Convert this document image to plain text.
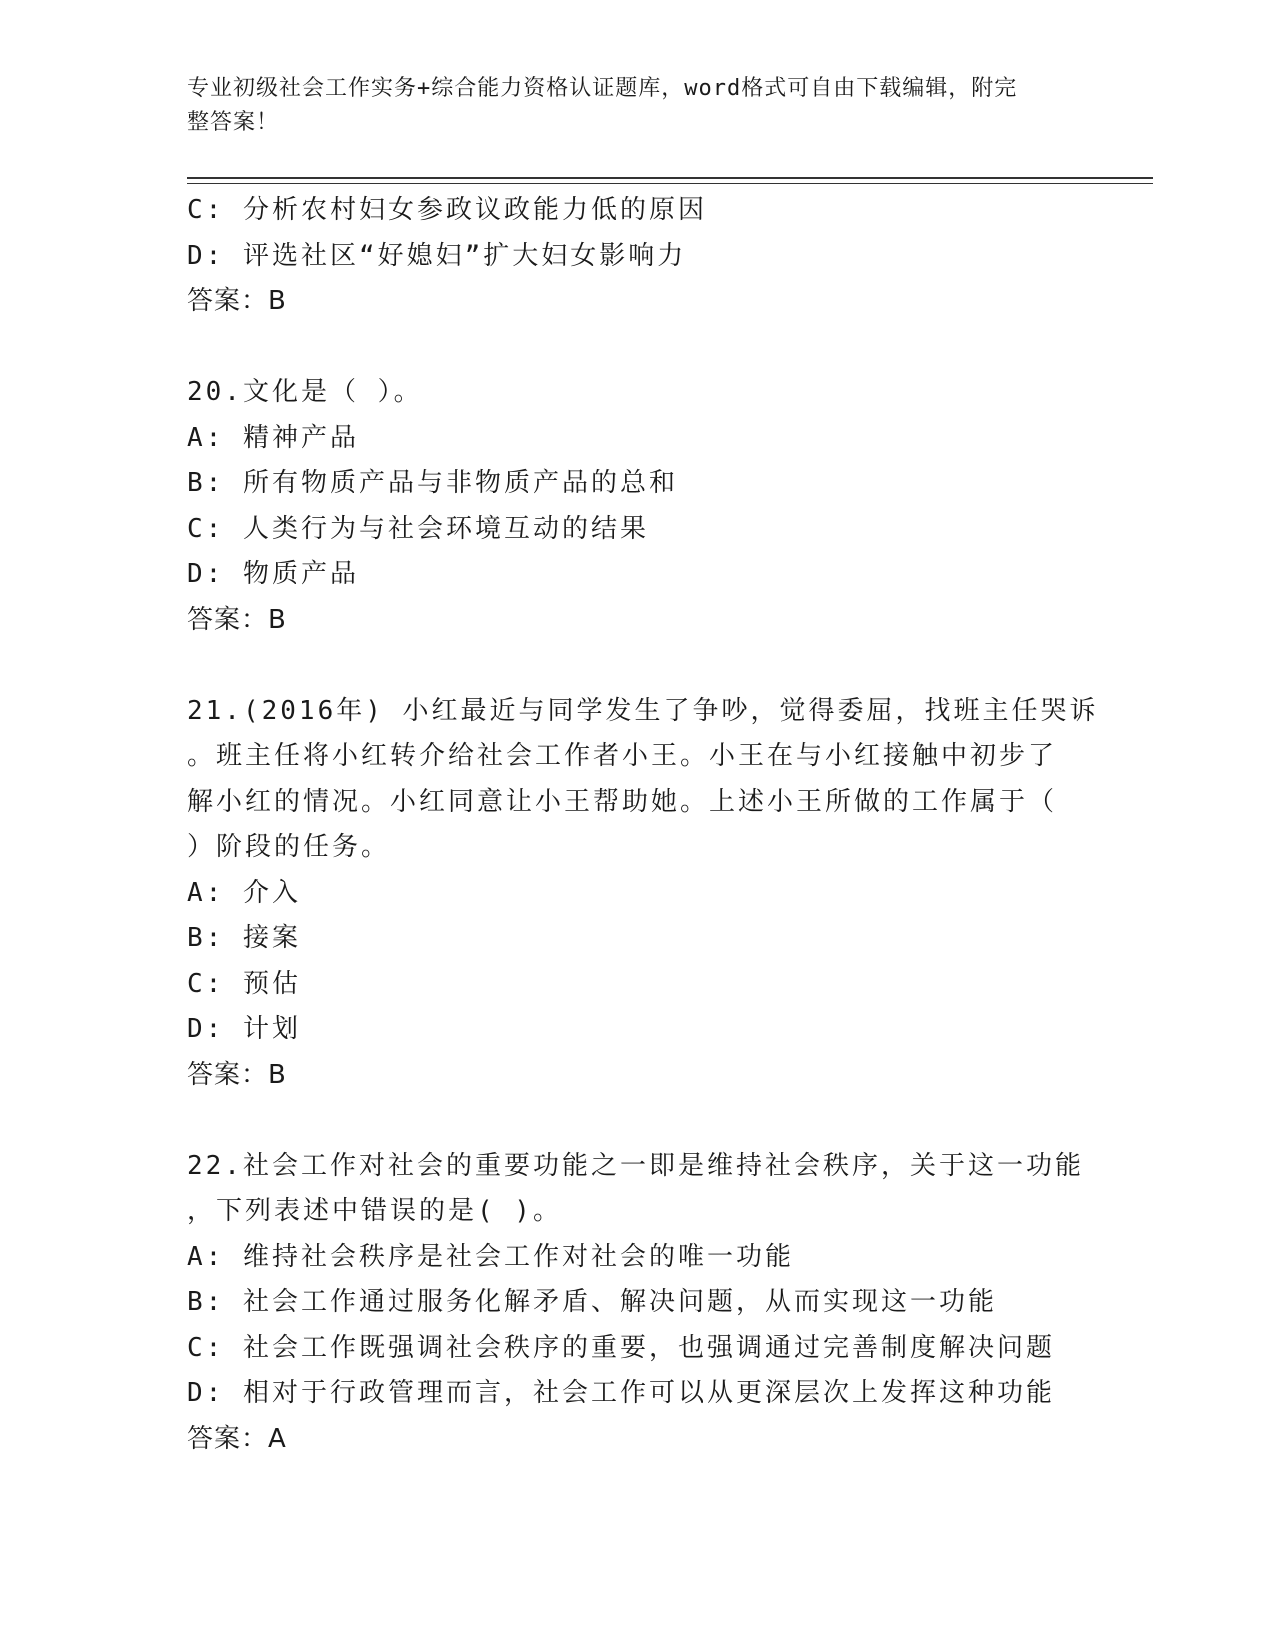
专业初级社会工作实务+综合能力资格认证题库，word格式可自由下载编辑，附完
整答案！
C: 分析农村妇女参政议政能力低的原因
D: 评选社区“好媳妇”扩大妇女影响力
答案：B
20.文化是（ ）。
A: 精神产品
B: 所有物质产品与非物质产品的总和
C: 人类行为与社会环境互动的结果
D: 物质产品
答案：B
21.(2016年) 小红最近与同学发生了争吵，觉得委屈，找班主任哭诉
。班主任将小红转介给社会工作者小王。小王在与小红接触中初步了
解小红的情况。小红同意让小王帮助她。上述小王所做的工作属于（
）阶段的任务。
A: 介入
B: 接案
C: 预估
D: 计划
答案：B
22.社会工作对社会的重要功能之一即是维持社会秩序，关于这一功能
，下列表述中错误的是( )。
A: 维持社会秩序是社会工作对社会的唯一功能
B: 社会工作通过服务化解矛盾、解决问题，从而实现这一功能
C: 社会工作既强调社会秩序的重要，也强调通过完善制度解决问题
D: 相对于行政管理而言，社会工作可以从更深层次上发挥这种功能
答案：A
